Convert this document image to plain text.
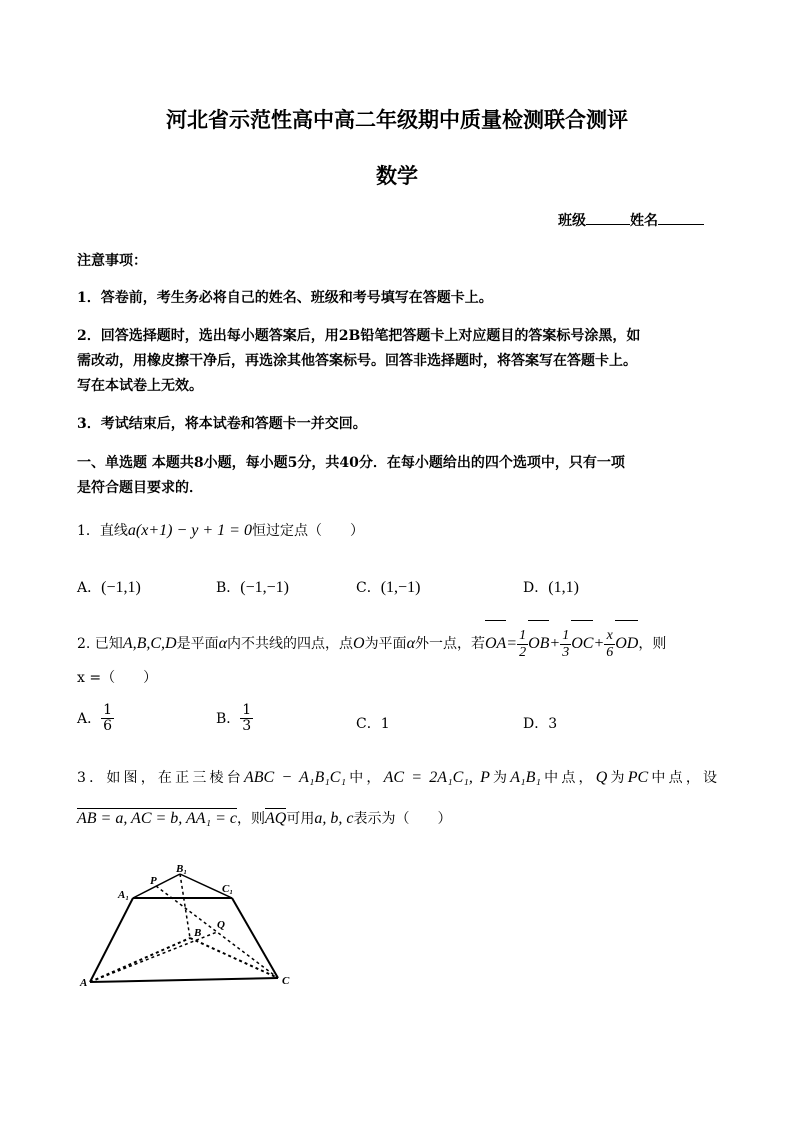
河北省示范性高中高二年级期中质量检测联合测评
数学
班级	姓名
注意事项：
1．答卷前，考生务必将自己的姓名、班级和考号填写在答题卡上。
2．回答选择题时，选出每小题答案后，用2B铅笔把答题卡上对应题目的答案标号涂黑，如
需改动，用橡皮擦干净后，再选涂其他答案标号。回答非选择题时，将答案写在答题卡上。
写在本试卷上无效。
3．考试结束后，将本试卷和答题卡一并交回。
一、单选题 本题共8小题，每小题5分，共40分．在每小题给出的四个选项中，只有一项
是符合题目要求的．
1．直线a(x+1) − y + 1 = 0恒过定点（　　）
A．(−1,1)	B．(−1,−1)	C．(1,−1)	D．(1,1)
2. 已知A,B,C,D是平面α内不共线的四点，点O为平面α外一点，若$OA= \frac{1}{2} OB+ \frac{1}{3} OC+ \frac{x}{6}$ OD，则
x =（　　）
A． $\frac{1}{6}$	B． $\frac{1}{3}$	C．1	D．3
3．如图，在正三棱台ABC − A₁B₁C₁中，AC = 2A₁C₁, P为A₁B₁中点，Q为PC中点，设
AB = a, AC = b, AA₁ = c，则AQ可用a, b, c表示为（　　）
A
B
C
A₁
B₁
C₁
P
Q
